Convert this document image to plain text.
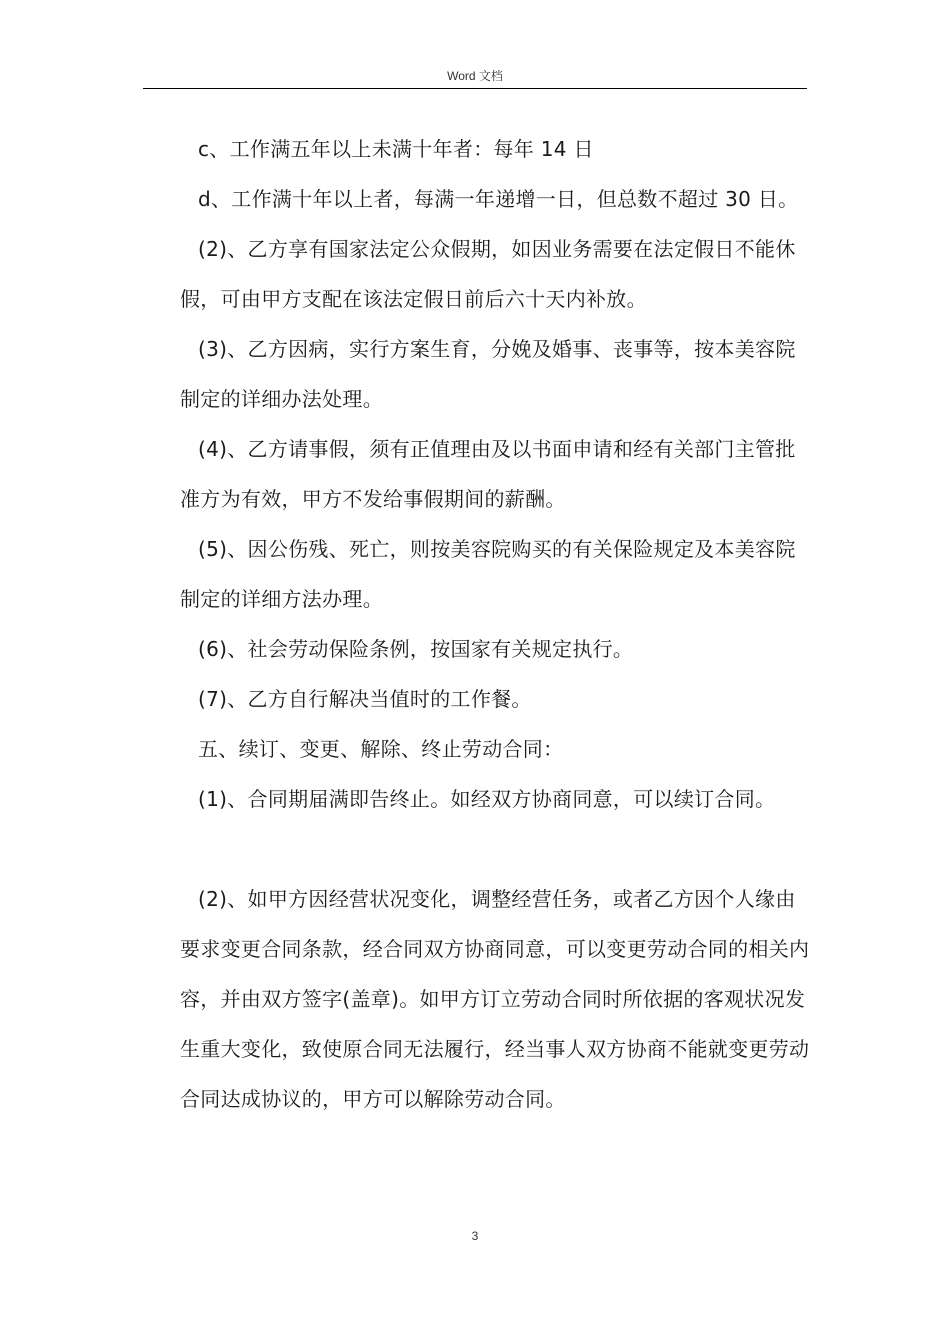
Word 文档

c、工作满五年以上未满十年者：每年 14 日

d、工作满十年以上者，每满一年递增一日，但总数不超过 30 日。

(2)、乙方享有国家法定公众假期，如因业务需要在法定假日不能休假，可由甲方支配在该法定假日前后六十天内补放。

(3)、乙方因病，实行方案生育，分娩及婚事、丧事等，按本美容院制定的详细办法处理。

(4)、乙方请事假，须有正值理由及以书面申请和经有关部门主管批准方为有效，甲方不发给事假期间的薪酬。

(5)、因公伤残、死亡，则按美容院购买的有关保险规定及本美容院制定的详细方法办理。

(6)、社会劳动保险条例，按国家有关规定执行。

(7)、乙方自行解决当值时的工作餐。

五、续订、变更、解除、终止劳动合同：

(1)、合同期届满即告终止。如经双方协商同意，可以续订合同。

(2)、如甲方因经营状况变化，调整经营任务，或者乙方因个人缘由要求变更合同条款，经合同双方协商同意，可以变更劳动合同的相关内容，并由双方签字(盖章)。如甲方订立劳动合同时所依据的客观状况发生重大变化，致使原合同无法履行，经当事人双方协商不能就变更劳动合同达成协议的，甲方可以解除劳动合同。

3
